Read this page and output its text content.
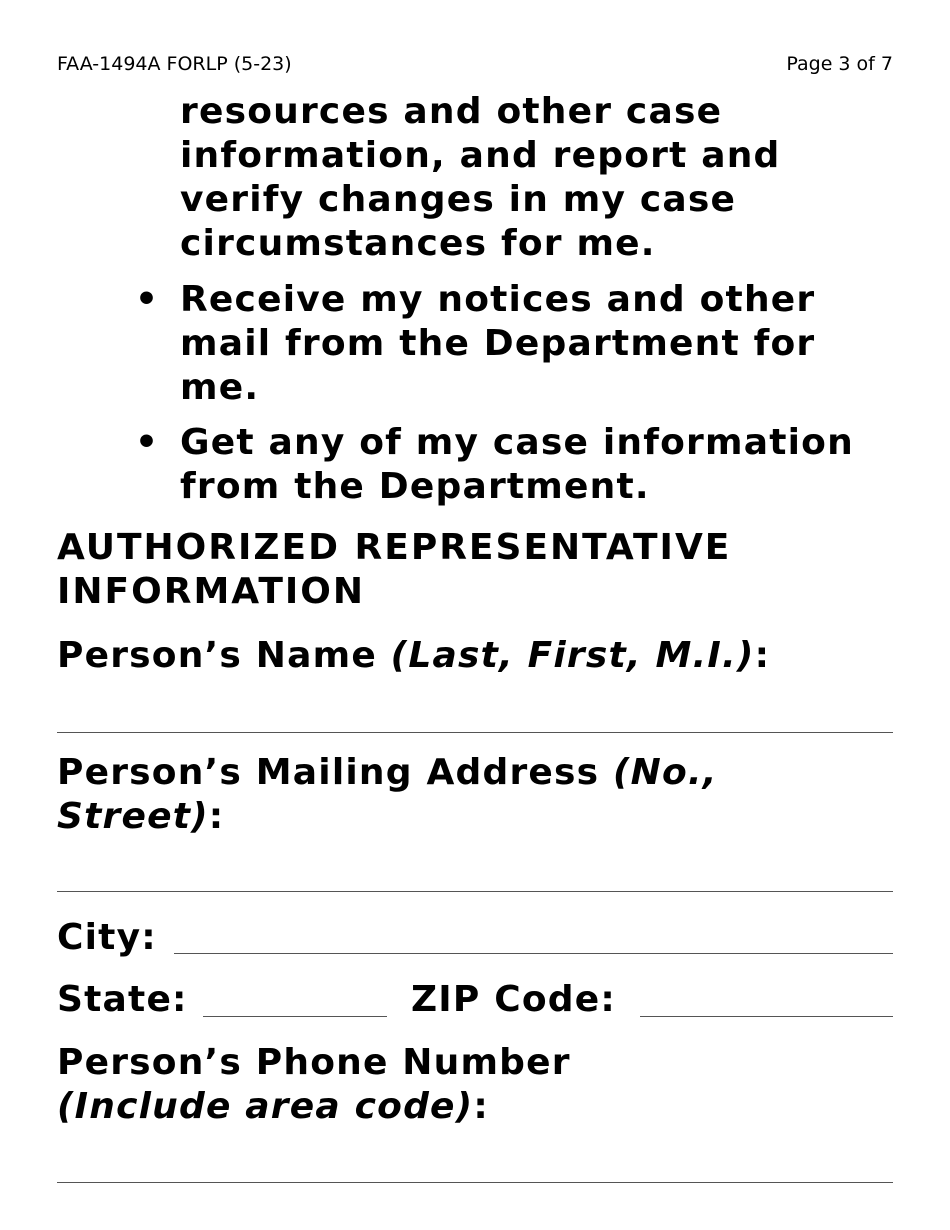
FAA-1494A FORLP (5-23)	Page 3 of 7
resources and other case
information, and report and
verify changes in my case
circumstances for me.
• Receive my notices and other
mail from the Department for
me.
• Get any of my case information
from the Department.
AUTHORIZED REPRESENTATIVE
INFORMATION
Person’s Name (Last, First, M.I.):
Person’s Mailing Address (No.,
Street):
City:
State:	ZIP Code:
Person’s Phone Number
(Include area code):
